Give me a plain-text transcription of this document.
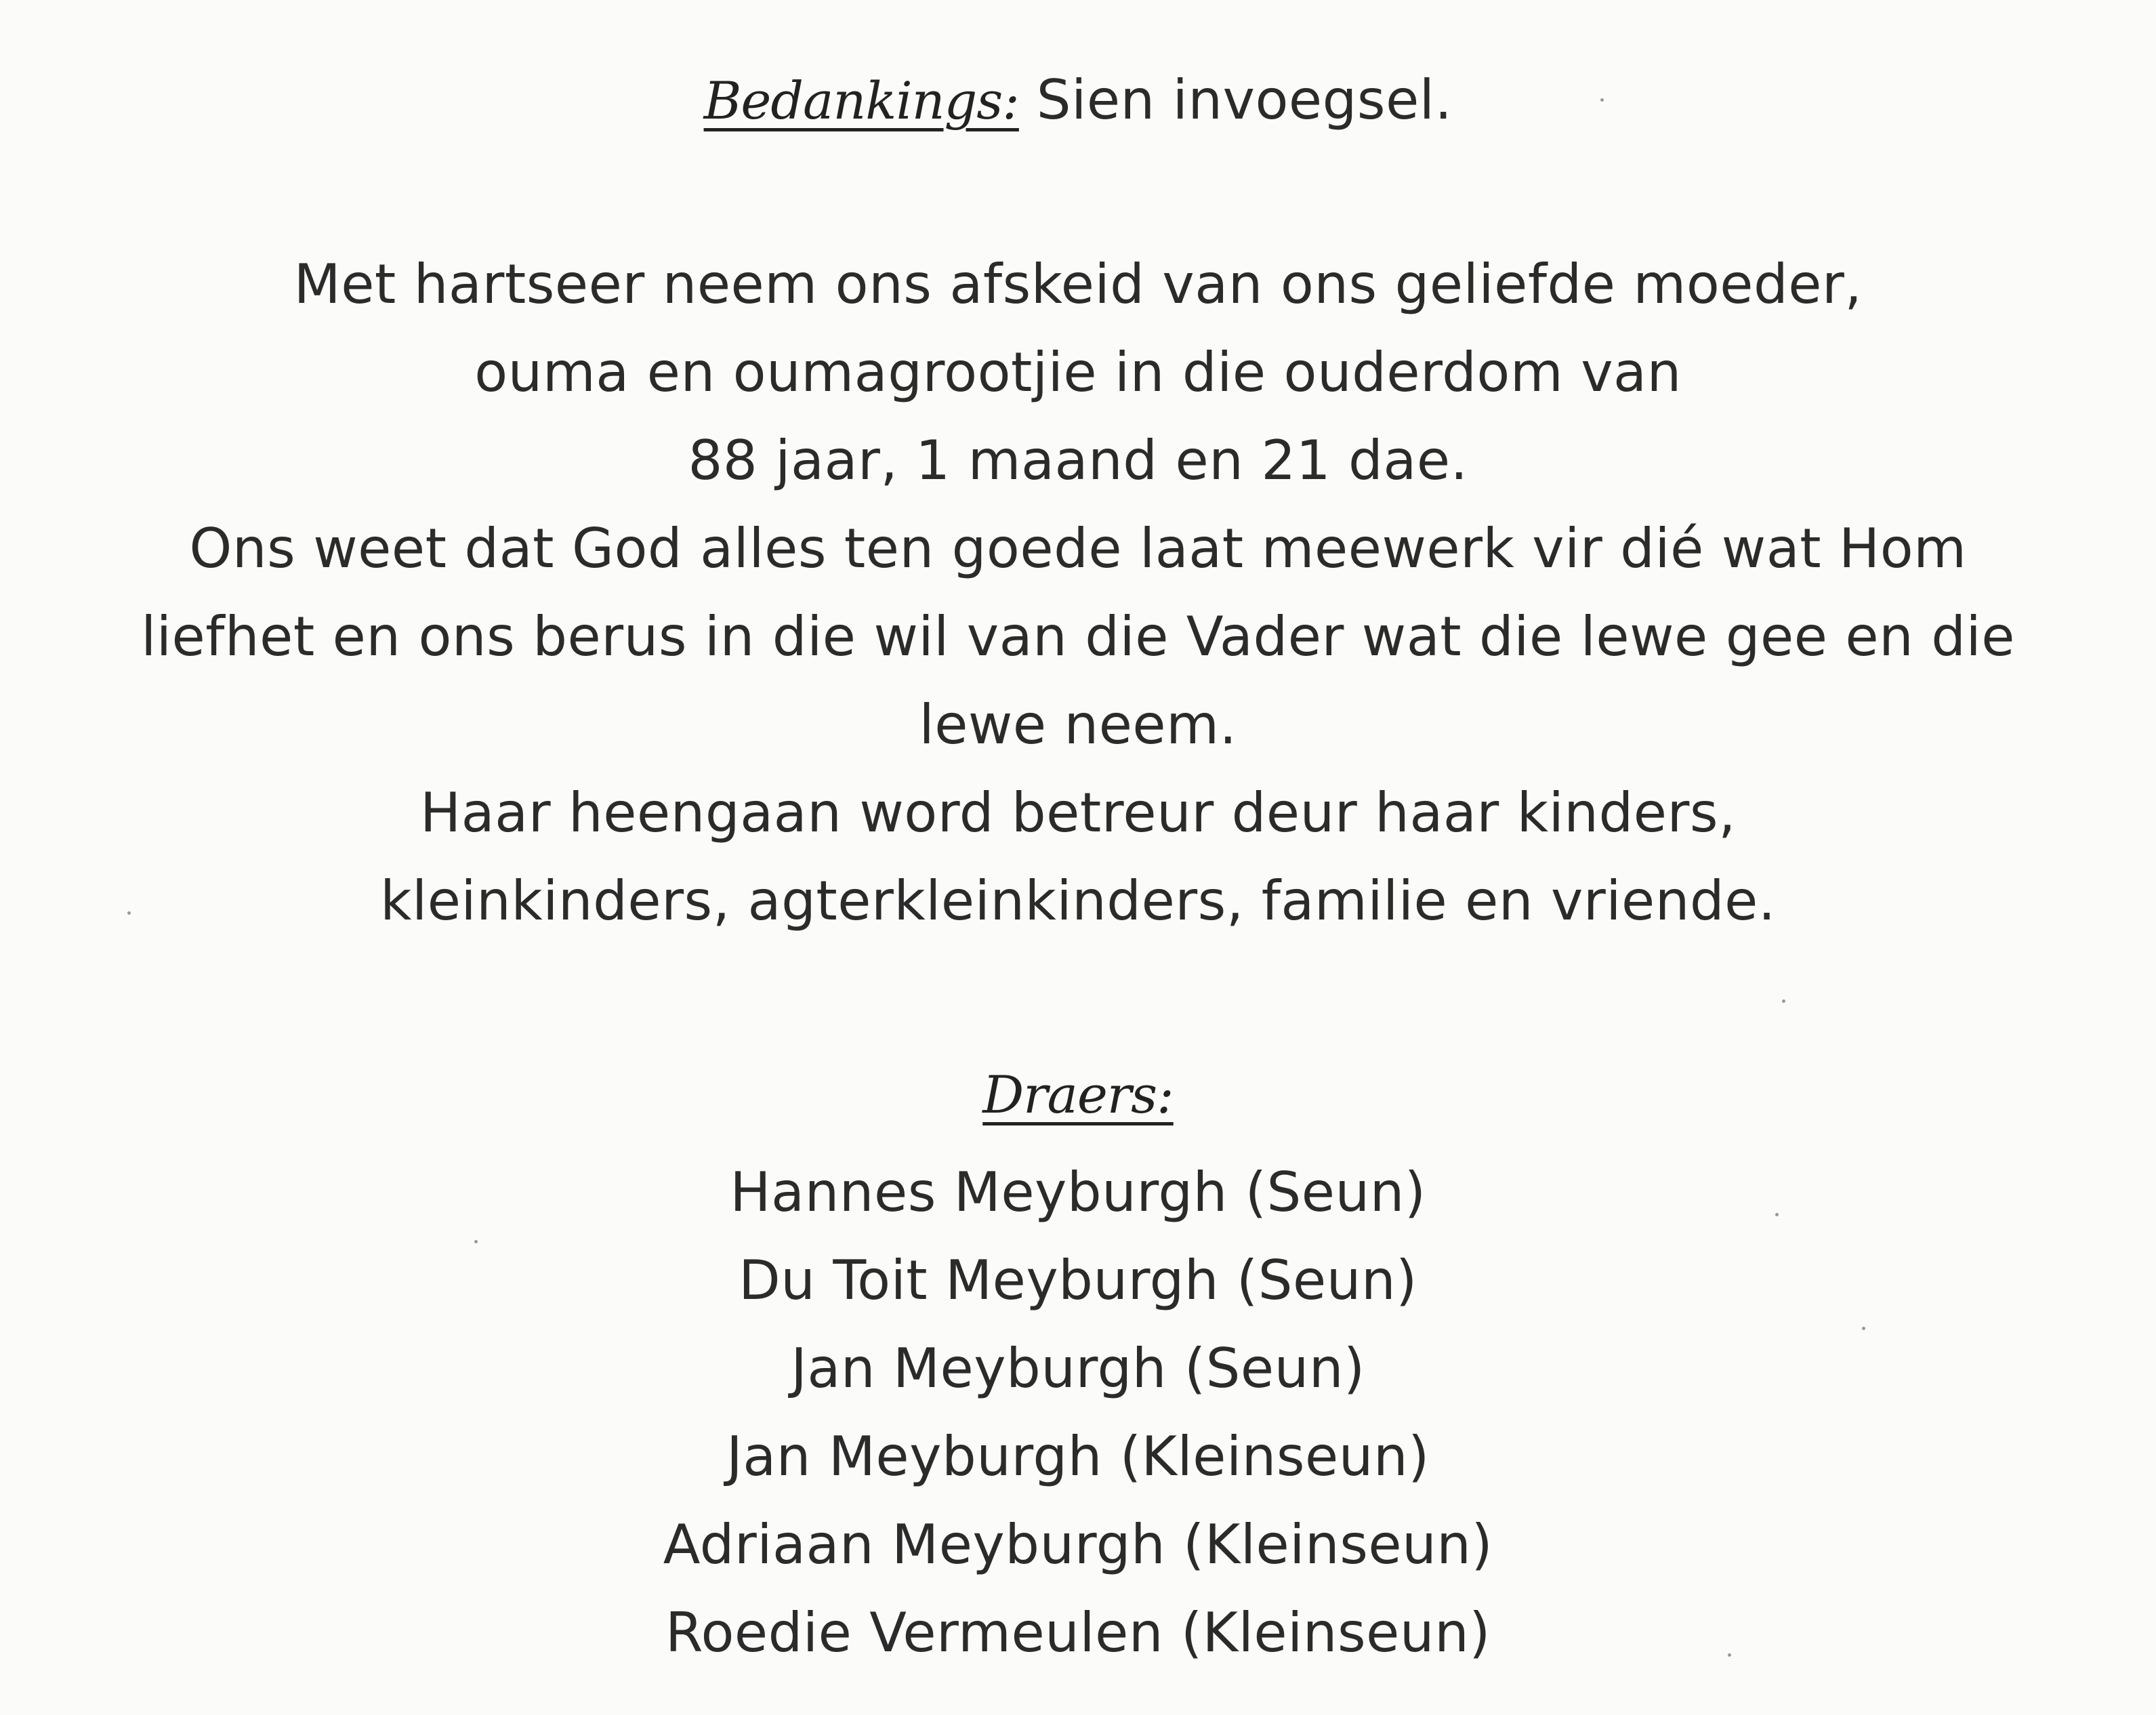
Bedankings: Sien invoegsel.
Met hartseer neem ons afskeid van ons geliefde moeder,
ouma en oumagrootjie in die ouderdom van
88 jaar, 1 maand en 21 dae.
Ons weet dat God alles ten goede laat meewerk vir dié wat Hom
liefhet en ons berus in die wil van die Vader wat die lewe gee en die
lewe neem.
Haar heengaan word betreur deur haar kinders,
kleinkinders, agterkleinkinders, familie en vriende.
Draers:
Hannes Meyburgh (Seun)
Du Toit Meyburgh (Seun)
Jan Meyburgh (Seun)
Jan Meyburgh (Kleinseun)
Adriaan Meyburgh (Kleinseun)
Roedie Vermeulen (Kleinseun)
